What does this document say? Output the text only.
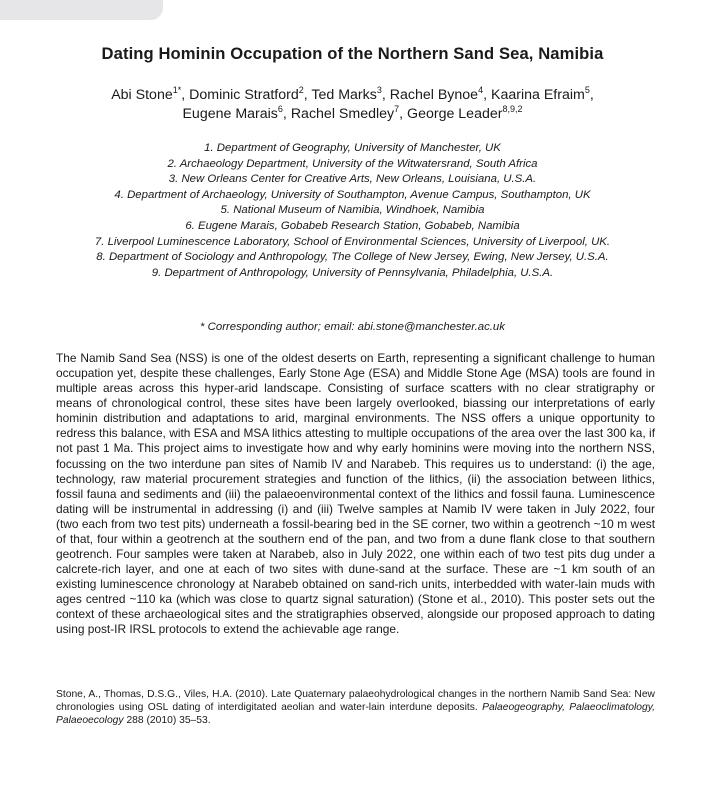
Dating Hominin Occupation of the Northern Sand Sea, Namibia
Abi Stone$^{1*}$, Dominic Stratford$^2$, Ted Marks$^3$, Rachel Bynoe$^4$, Kaarina Efraim$^5$,
Eugene Marais$^6$, Rachel Smedley$^7$, George Leader$^{8,9,2}$
1. Department of Geography, University of Manchester, UK
2. Archaeology Department, University of the Witwatersrand, South Africa
3. New Orleans Center for Creative Arts, New Orleans, Louisiana, U.S.A.
4. Department of Archaeology, University of Southampton, Avenue Campus, Southampton, UK
5. National Museum of Namibia, Windhoek, Namibia
6. Eugene Marais, Gobabeb Research Station, Gobabeb, Namibia
7. Liverpool Luminescence Laboratory, School of Environmental Sciences, University of Liverpool, UK.
8. Department of Sociology and Anthropology, The College of New Jersey, Ewing, New Jersey, U.S.A.
9. Department of Anthropology, University of Pennsylvania, Philadelphia, U.S.A.
* Corresponding author; email: abi.stone@manchester.ac.uk

The Namib Sand Sea (NSS) is one of the oldest deserts on Earth, representing a significant challenge to human occupation yet, despite these challenges, Early Stone Age (ESA) and Middle Stone Age (MSA) tools are found in multiple areas across this hyper-arid landscape. Consisting of surface scatters with no clear stratigraphy or means of chronological control, these sites have been largely overlooked, biassing our interpretations of early hominin distribution and adaptations to arid, marginal environments. The NSS offers a unique opportunity to redress this balance, with ESA and MSA lithics attesting to multiple occupations of the area over the last 300 ka, if not past 1 Ma. This project aims to investigate how and why early hominins were moving into the northern NSS, focussing on the two interdune pan sites of Namib IV and Narabeb. This requires us to understand: (i) the age, technology, raw material procurement strategies and function of the lithics, (ii) the association between lithics, fossil fauna and sediments and (iii) the palaeoenvironmental context of the lithics and fossil fauna. Luminescence dating will be instrumental in addressing (i) and (iii) Twelve samples at Namib IV were taken in July 2022, four (two each from two test pits) underneath a fossil-bearing bed in the SE corner, two within a geotrench ~10 m west of that, four within a geotrench at the southern end of the pan, and two from a dune flank close to that southern geotrench. Four samples were taken at Narabeb, also in July 2022, one within each of two test pits dug under a calcrete-rich layer, and one at each of two sites with dune-sand at the surface. These are ~1 km south of an existing luminescence chronology at Narabeb obtained on sand-rich units, interbedded with water-lain muds with ages centred ~110 ka (which was close to quartz signal saturation) (Stone et al., 2010). This poster sets out the context of these archaeological sites and the stratigraphies observed, alongside our proposed approach to dating using post-IR IRSL protocols to extend the achievable age range.

Stone, A., Thomas, D.S.G., Viles, H.A. (2010). Late Quaternary palaeohydrological changes in the northern Namib Sand Sea: New chronologies using OSL dating of interdigitated aeolian and water-lain interdune deposits. Palaeogeography, Palaeoclimatology, Palaeoecology 288 (2010) 35–53.
